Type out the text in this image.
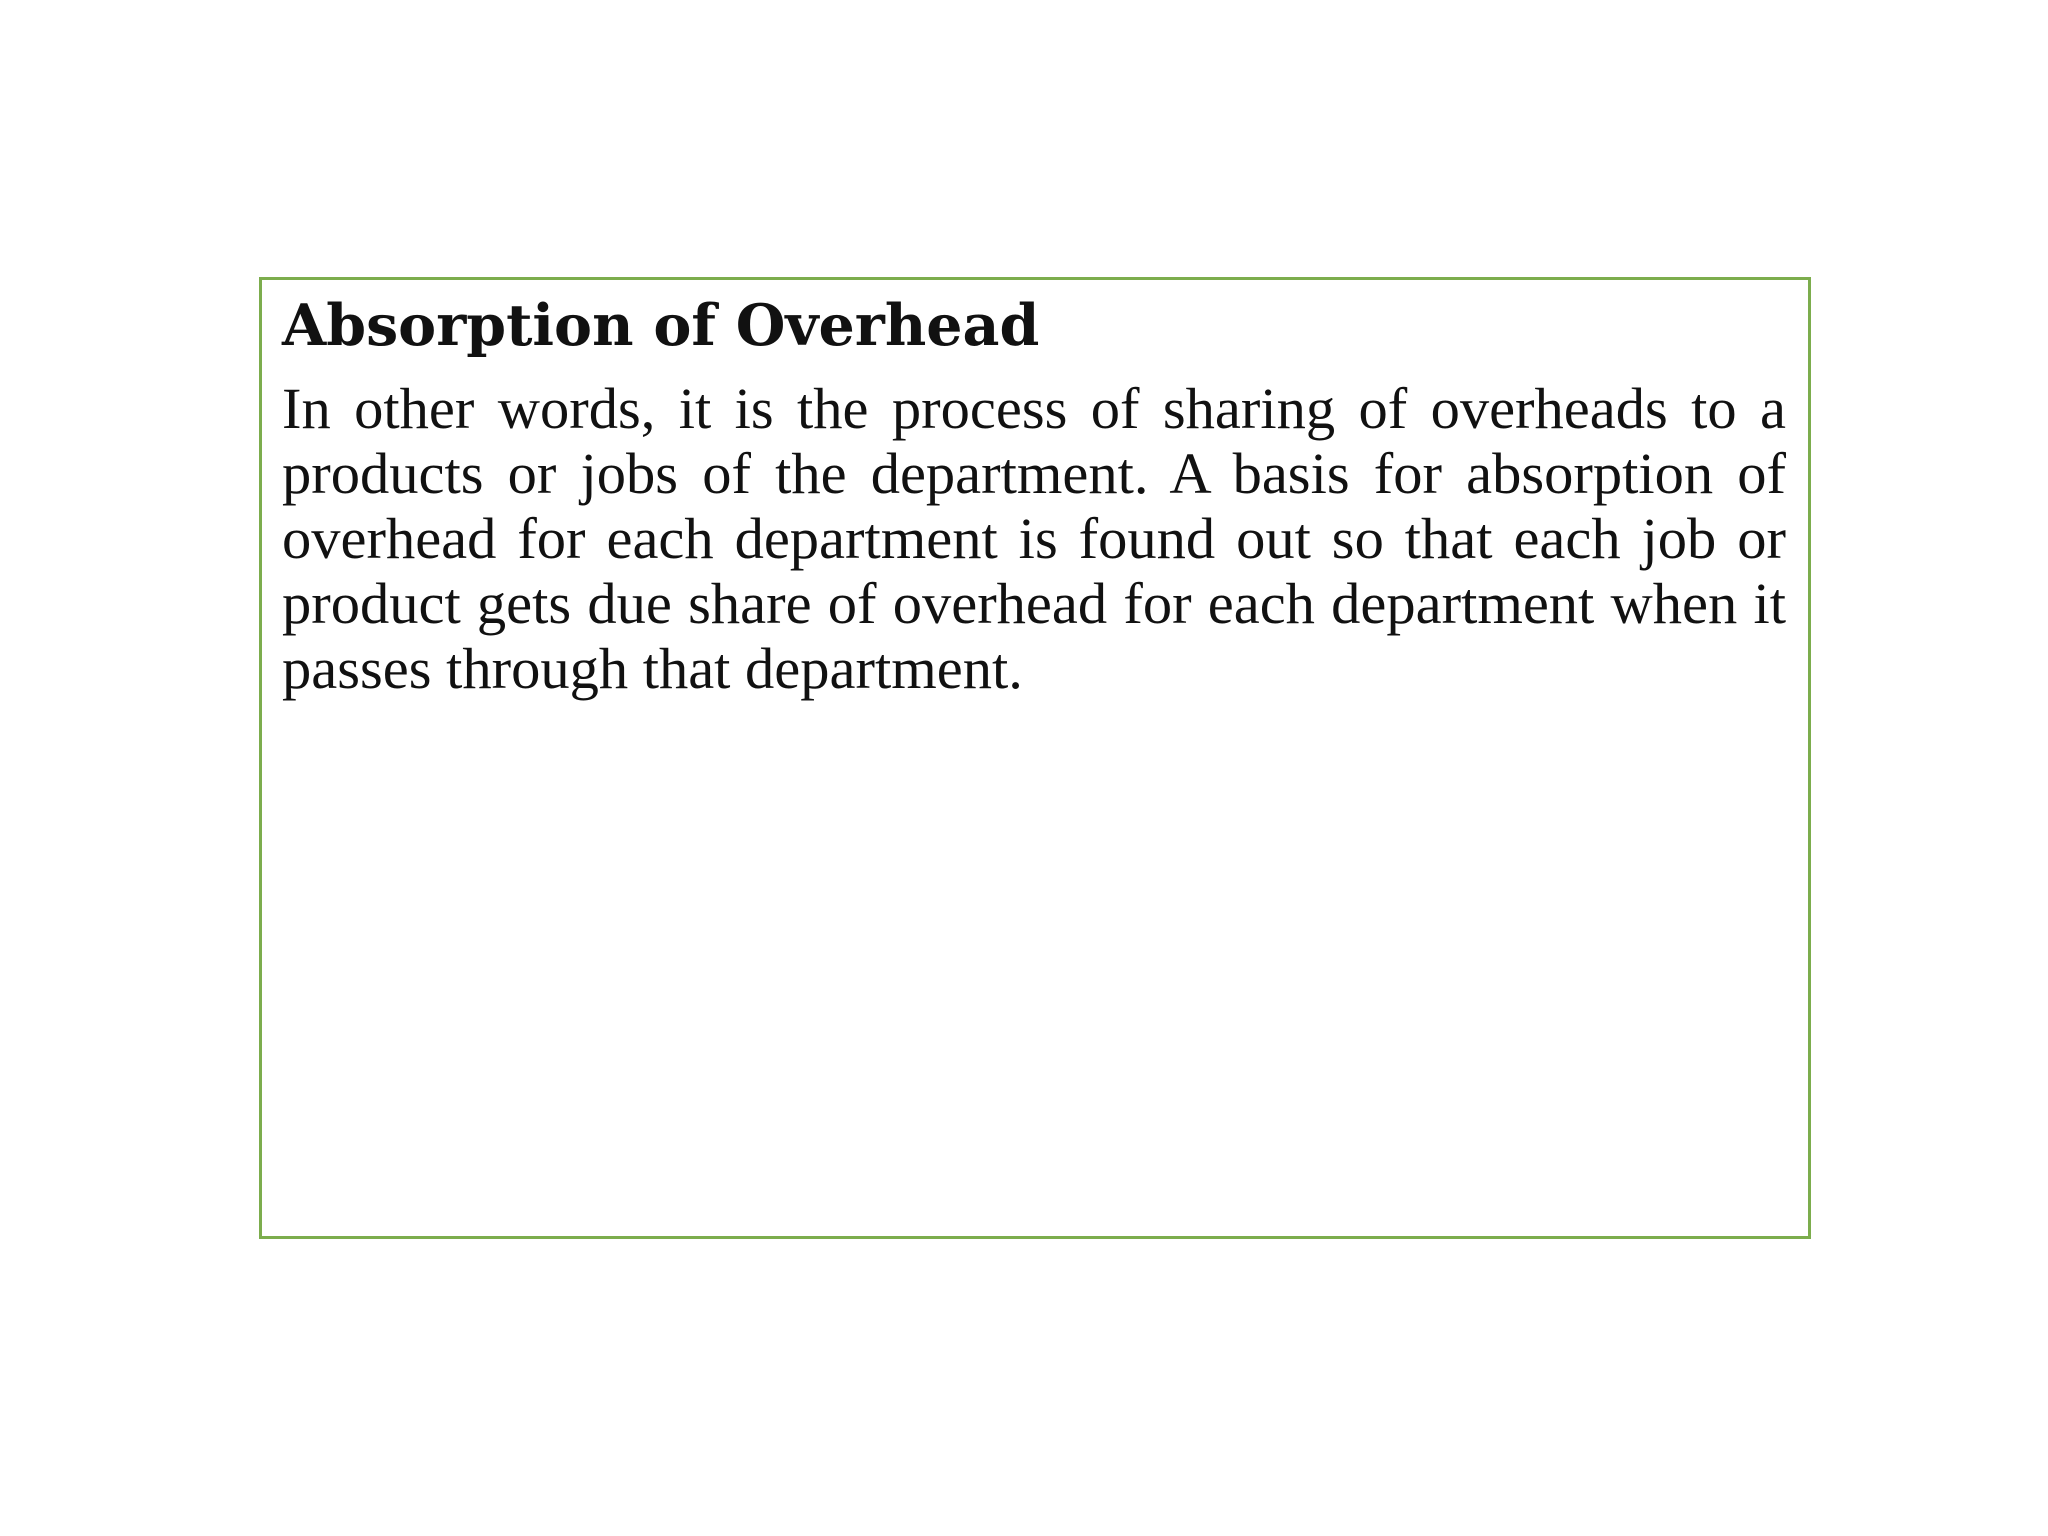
Absorption of Overhead

In other words, it is the process of sharing of overheads to a products or jobs of the department. A basis for absorption of overhead for each department is found out so that each job or product gets due share of overhead for each department when it passes through that department.
